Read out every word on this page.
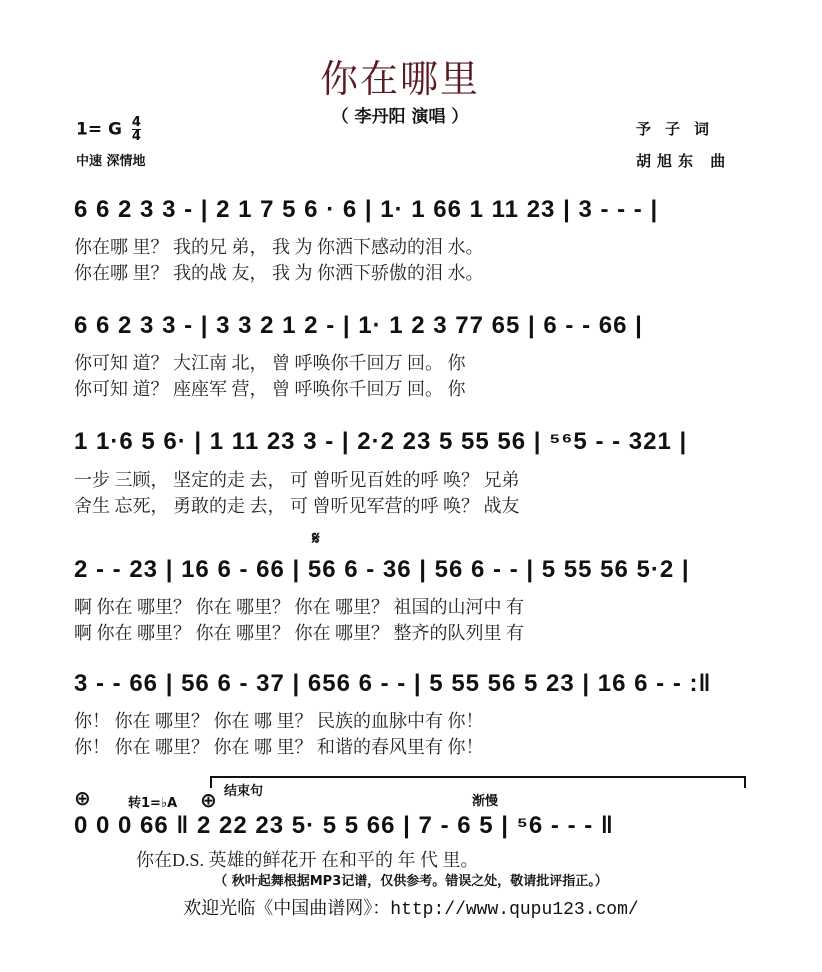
你在哪里
（ 李丹阳 演唱 ）
1= G $\frac{4}{4}$
中速 深情地
予子词
胡旭东 曲
6 6 2 3 3 - | 2 1 7 5 6 · 6 | 1· 1 66 1 11 23 | 3 - - - |
你在哪 里？ 我的兄 弟， 我 为 你洒下感动的泪 水。
你在哪 里？ 我的战 友， 我 为 你洒下骄傲的泪 水。
6 6 2 3 3 - | 3 3 2 1 2 - | 1· 1 2 3 77 65 | 6 - - 66 |
你可知 道？ 大江南 北， 曾 呼唤你千回万 回。 你
你可知 道？ 座座军 营， 曾 呼唤你千回万 回。 你
1 1·6 5 6· | 1 11 23 3 - | 2·2 23 5 55 56 | ⁵⁶5 - - 321 |
一步 三顾， 坚定的走 去， 可 曾听见百姓的呼 唤？ 兄弟
舍生 忘死， 勇敢的走 去， 可 曾听见军营的呼 唤？ 战友
𝄋
2 - - 23 | 16 6 - 66 | 56 6 - 36 | 56 6 - - | 5 55 56 5·2 |
啊 你在 哪里？ 你在 哪里？ 你在 哪里？ 祖国的山河中 有
啊 你在 哪里？ 你在 哪里？ 你在 哪里？ 整齐的队列里 有
3 - - 66 | 56 6 - 37 | 656 6 - - | 5 55 56 5 23 | 16 6 - - :‖
你！ 你在 哪里？ 你在 哪 里？ 民族的血脉中有 你！
你！ 你在 哪里？ 你在 哪 里？ 和谐的春风里有 你！
⊕	转1=♭A ⊕ 结束句
渐慢
0 0 0 66 ‖ 2 22 23 5· 5 5 66 | 7 - 6 5 | ⁵6 - - - ‖
你在D.S. 英雄的鲜花开 在和平的 年 代 里。
（ 秋叶起舞根据MP3记谱，仅供参考。错误之处，敬请批评指正。）
欢迎光临《中国曲谱网》：http://www.qupu123.com/
